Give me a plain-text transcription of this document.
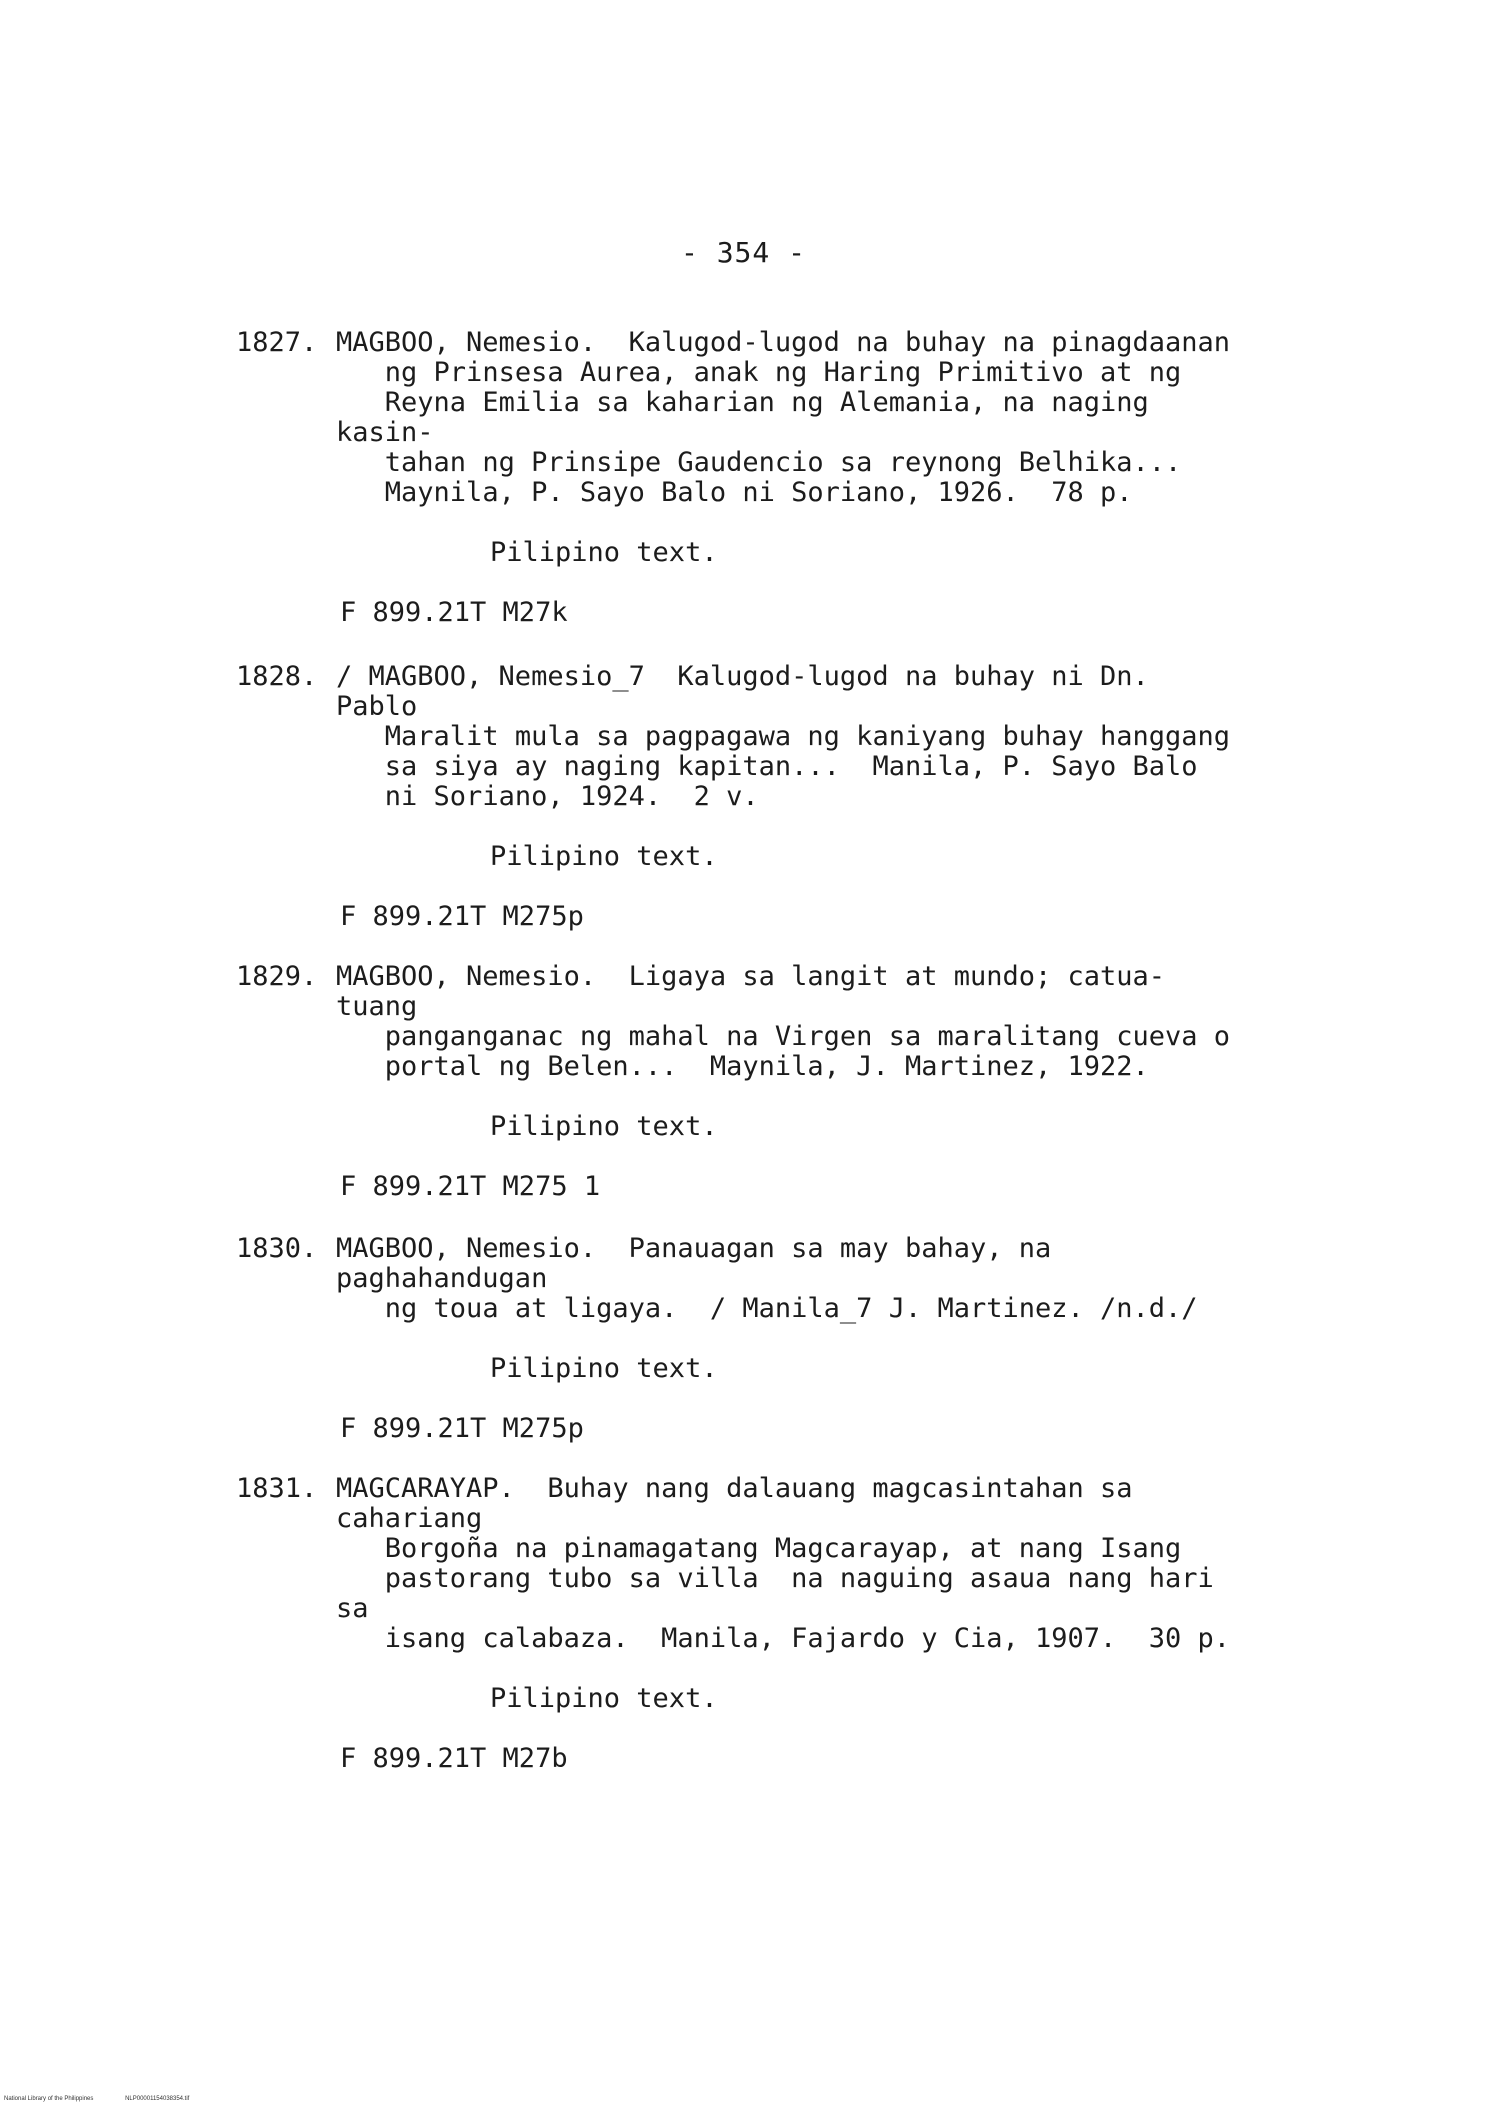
- 354 -
1827. MAGBOO, Nemesio.  Kalugod-lugod na buhay na pinagdaanan
ng Prinsesa Aurea, anak ng Haring Primitivo at ng
Reyna Emilia sa kaharian ng Alemania, na naging kasin-
tahan ng Prinsipe Gaudencio sa reynong Belhika...
Maynila, P. Sayo Balo ni Soriano, 1926.  78 p.
Pilipino text.
F 899.21T M27k
1828. / MAGBOO, Nemesio_7  Kalugod-lugod na buhay ni Dn. Pablo
Maralit mula sa pagpagawa ng kaniyang buhay hanggang
sa siya ay naging kapitan...  Manila, P. Sayo Balo
ni Soriano, 1924.  2 v.
Pilipino text.
F 899.21T M275p
1829. MAGBOO, Nemesio.  Ligaya sa langit at mundo; catua-tuang
panganganac ng mahal na Virgen sa maralitang cueva o
portal ng Belen...  Maynila, J. Martinez, 1922.
Pilipino text.
F 899.21T M275 1
1830. MAGBOO, Nemesio.  Panauagan sa may bahay, na paghahandugan
ng toua at ligaya.  / Manila_7 J. Martinez. /n.d./
Pilipino text.
F 899.21T M275p
1831. MAGCARAYAP.  Buhay nang dalauang magcasintahan sa cahariang
Borgoña na pinamagatang Magcarayap, at nang Isang
pastorang tubo sa villa  na naguing asaua nang hari sa
isang calabaza.  Manila, Fajardo y Cia, 1907.  30 p.
Pilipino text.
F 899.21T M27b
National Library of the Philippines	NLP00001154038354.tif
